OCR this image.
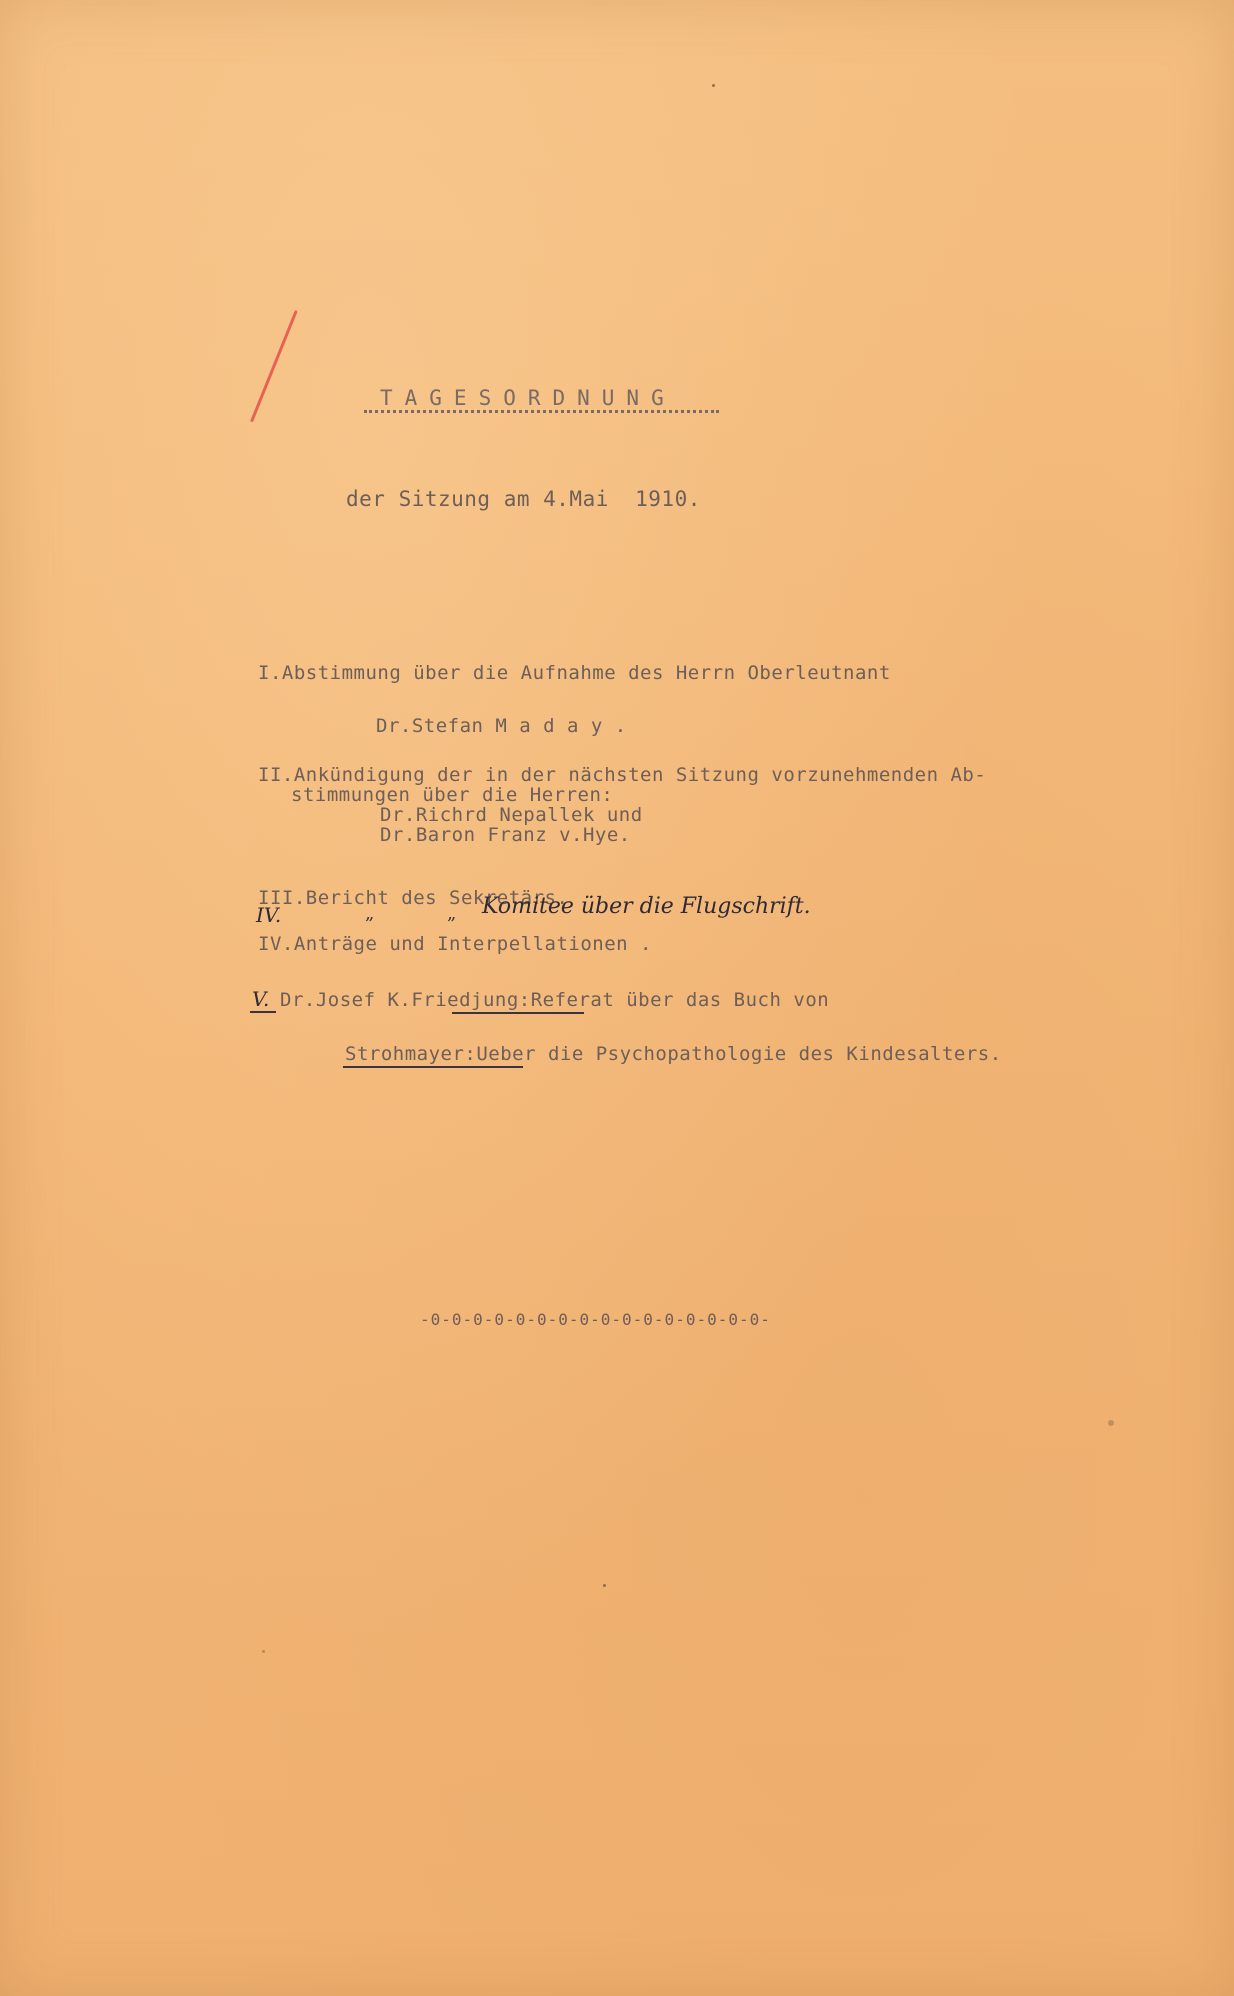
TAGESORDNUNG
der Sitzung am 4.Mai  1910.
I.Abstimmung über die Aufnahme des Herrn Oberleutnant
Dr.Stefan M a d a y .
II.Ankündigung der in der nächsten Sitzung vorzunehmenden Ab-
stimmungen über die Herren:
Dr.Richrd Nepallek und
Dr.Baron Franz v.Hye.
III.Bericht des Sekretärs.
IV.	„	„ Komitee über die Flugschrift.
IV.Anträge und Interpellationen .
V. Dr.Josef K.Friedjung:Referat über das Buch von
Strohmayer:Ueber die Psychopathologie des Kindesalters.
-0-0-0-0-0-0-0-0-0-0-0-0-0-0-0-0-
